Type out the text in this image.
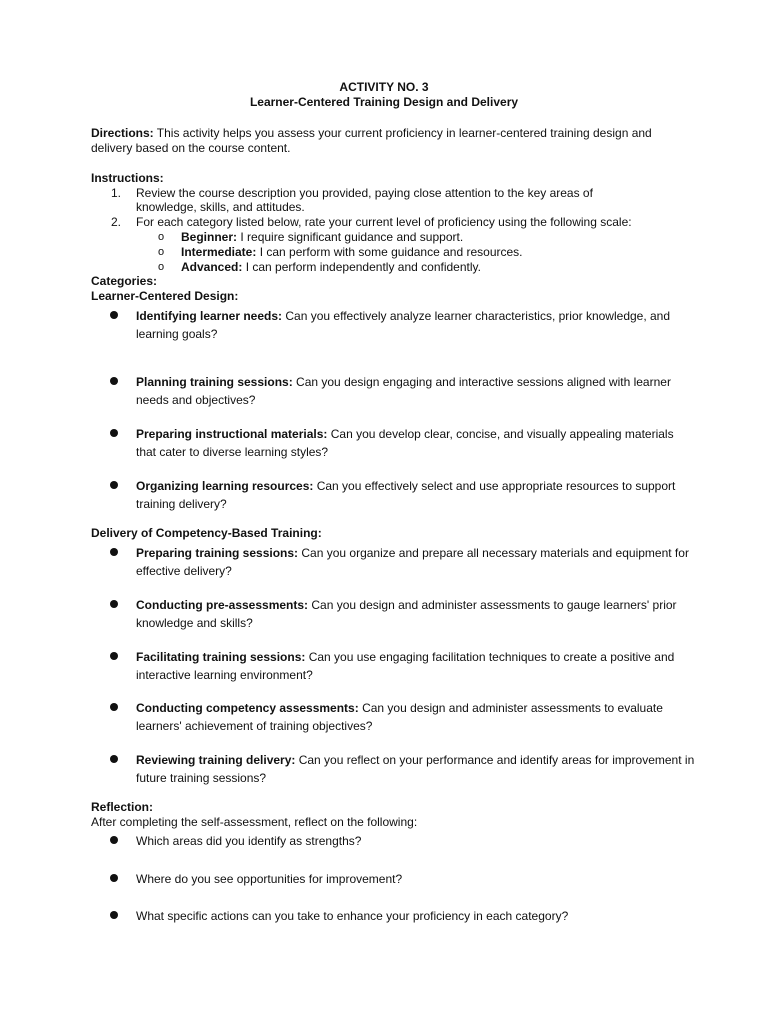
ACTIVITY NO. 3
Learner-Centered Training Design and Delivery
Directions: This activity helps you assess your current proficiency in learner-centered training design and
delivery based on the course content.
Instructions:
1. Review the course description you provided, paying close attention to the key areas of
knowledge, skills, and attitudes.
2. For each category listed below, rate your current level of proficiency using the following scale:
o Beginner: I require significant guidance and support.
o Intermediate: I can perform with some guidance and resources.
o Advanced: I can perform independently and confidently.
Categories:
Learner-Centered Design:
Identifying learner needs: Can you effectively analyze learner characteristics, prior knowledge, and learning goals?
Planning training sessions: Can you design engaging and interactive sessions aligned with learner needs and objectives?
Preparing instructional materials: Can you develop clear, concise, and visually appealing materials that cater to diverse learning styles?
Organizing learning resources: Can you effectively select and use appropriate resources to support training delivery?
Delivery of Competency-Based Training:
Preparing training sessions: Can you organize and prepare all necessary materials and equipment for effective delivery?
Conducting pre-assessments: Can you design and administer assessments to gauge learners' prior knowledge and skills?
Facilitating training sessions: Can you use engaging facilitation techniques to create a positive and interactive learning environment?
Conducting competency assessments: Can you design and administer assessments to evaluate learners' achievement of training objectives?
Reviewing training delivery: Can you reflect on your performance and identify areas for improvement in future training sessions?
Reflection:
After completing the self-assessment, reflect on the following:
Which areas did you identify as strengths?
Where do you see opportunities for improvement?
What specific actions can you take to enhance your proficiency in each category?
